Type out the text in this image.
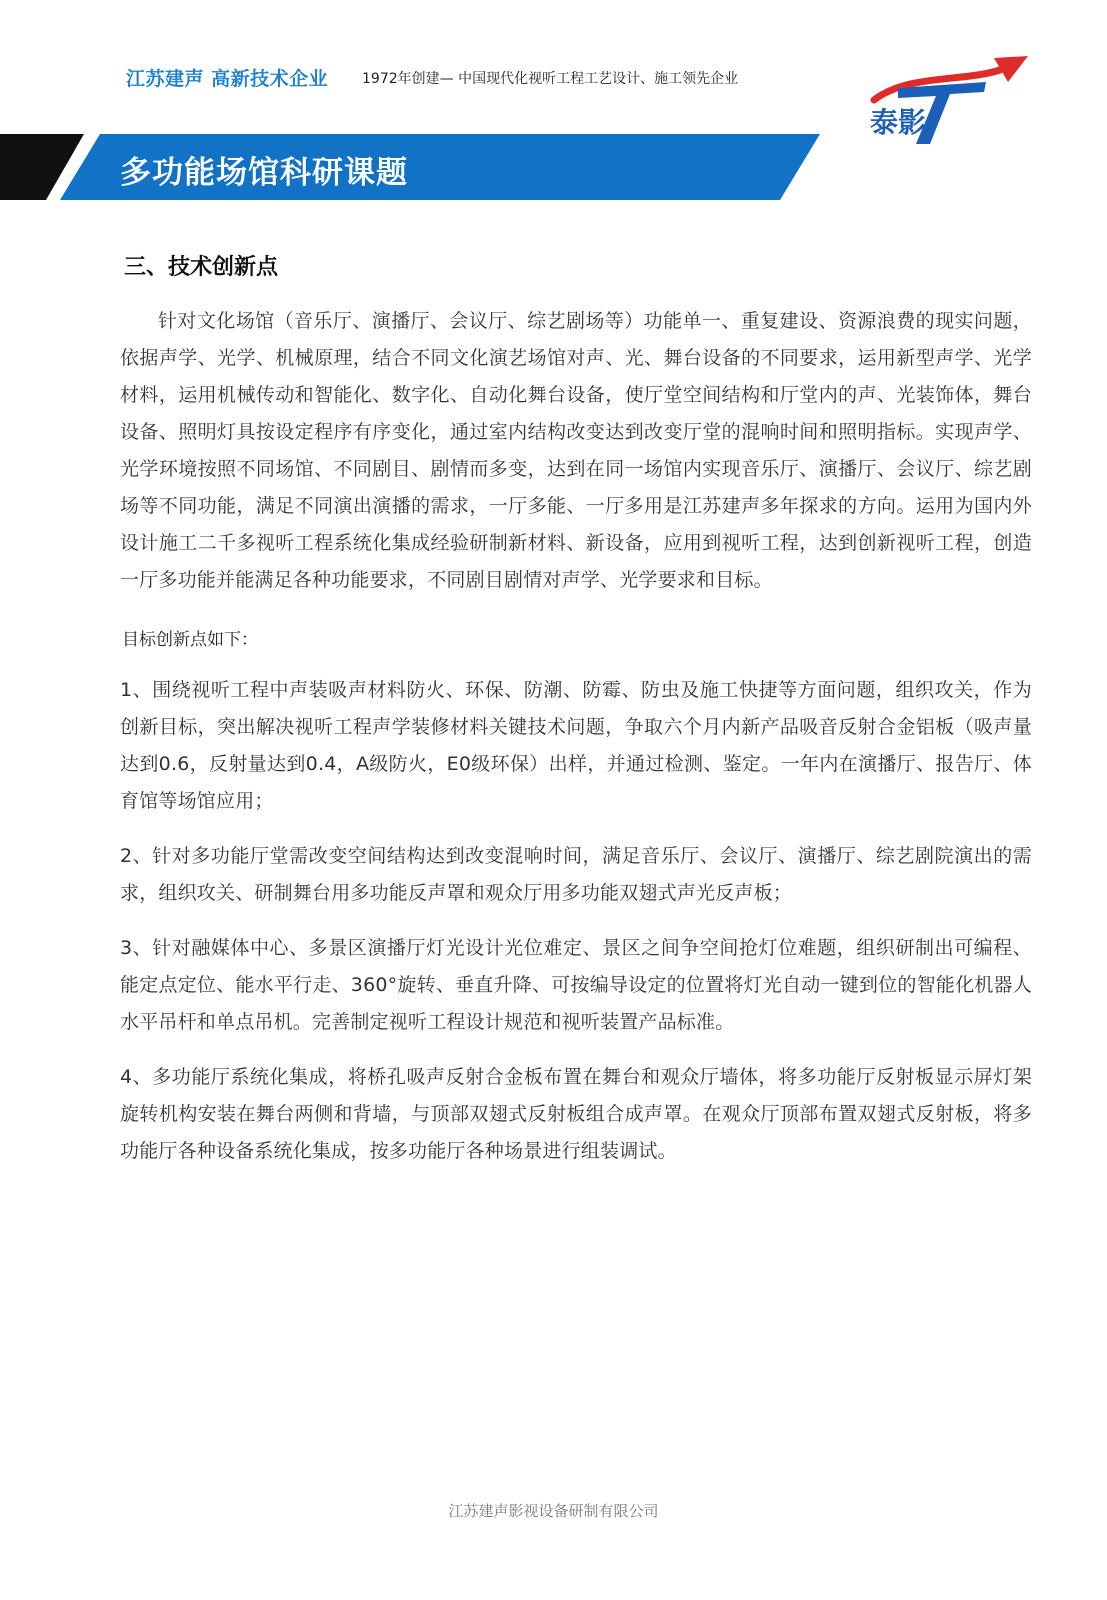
江苏建声 高新技术企业 1972年创建— 中国现代化视听工程工艺设计、施工领先企业
泰影
多功能场馆科研课题
三、技术创新点

针对文化场馆（音乐厅、演播厅、会议厅、综艺剧场等）功能单一、重复建设、资源浪费的现实问题，依据声学、光学、机械原理，结合不同文化演艺场馆对声、光、舞台设备的不同要求，运用新型声学、光学材料，运用机械传动和智能化、数字化、自动化舞台设备，使厅堂空间结构和厅堂内的声、光装饰体，舞台设备、照明灯具按设定程序有序变化，通过室内结构改变达到改变厅堂的混响时间和照明指标。实现声学、光学环境按照不同场馆、不同剧目、剧情而多变，达到在同一场馆内实现音乐厅、演播厅、会议厅、综艺剧场等不同功能，满足不同演出演播的需求，一厅多能、一厅多用是江苏建声多年探求的方向。运用为国内外设计施工二千多视听工程系统化集成经验研制新材料、新设备，应用到视听工程，达到创新视听工程，创造一厅多功能并能满足各种功能要求，不同剧目剧情对声学、光学要求和目标。

目标创新点如下：

1、围绕视听工程中声装吸声材料防火、环保、防潮、防霉、防虫及施工快捷等方面问题，组织攻关，作为创新目标，突出解决视听工程声学装修材料关键技术问题，争取六个月内新产品吸音反射合金铝板（吸声量达到0.6，反射量达到0.4，A级防火，E0级环保）出样，并通过检测、鉴定。一年内在演播厅、报告厅、体育馆等场馆应用；

2、针对多功能厅堂需改变空间结构达到改变混响时间，满足音乐厅、会议厅、演播厅、综艺剧院演出的需求，组织攻关、研制舞台用多功能反声罩和观众厅用多功能双翅式声光反声板；

3、针对融媒体中心、多景区演播厅灯光设计光位难定、景区之间争空间抢灯位难题，组织研制出可编程、能定点定位、能水平行走、360°旋转、垂直升降、可按编导设定的位置将灯光自动一键到位的智能化机器人水平吊杆和单点吊机。完善制定视听工程设计规范和视听装置产品标准。

4、多功能厅系统化集成，将桥孔吸声反射合金板布置在舞台和观众厅墙体，将多功能厅反射板显示屏灯架旋转机构安装在舞台两侧和背墙，与顶部双翅式反射板组合成声罩。在观众厅顶部布置双翅式反射板，将多功能厅各种设备系统化集成，按多功能厅各种场景进行组装调试。

江苏建声影视设备研制有限公司
